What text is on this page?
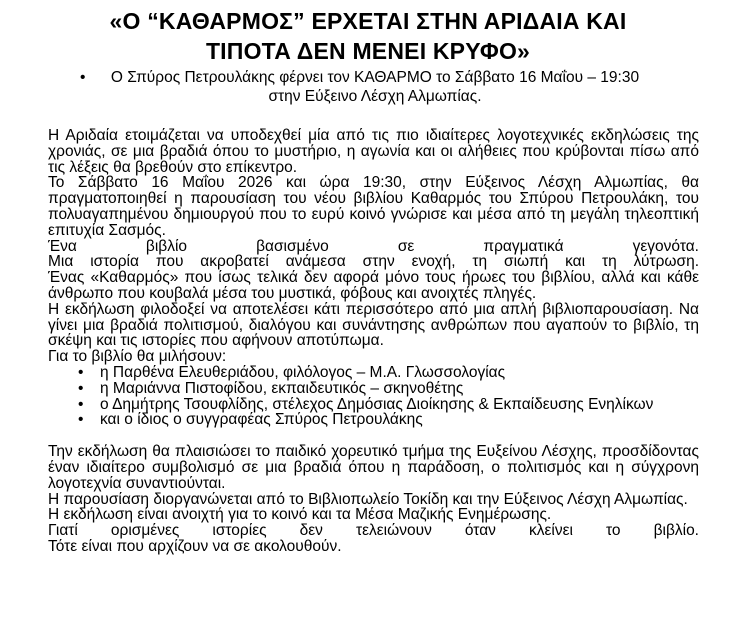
«Ο “ΚΑΘΑΡΜΟΣ” ΕΡΧΕΤΑΙ ΣΤΗΝ ΑΡΙΔΑΙΑ ΚΑΙ
ΤΙΠΟΤΑ ΔΕΝ ΜΕΝΕΙ ΚΡΥΦΟ»
•	Ο Σπύρος Πετρουλάκης φέρνει τον ΚΑΘΑΡΜΟ το Σάββατο 16 Μαΐου – 19:30
στην Εύξεινο Λέσχη Αλμωπίας.

Η Αριδαία ετοιμάζεται να υποδεχθεί μία από τις πιο ιδιαίτερες λογοτεχνικές εκδηλώσεις της χρονιάς, σε μια βραδιά όπου το μυστήριο, η αγωνία και οι αλήθειες που κρύβονται πίσω από τις λέξεις θα βρεθούν στο επίκεντρο.

Το Σάββατο 16 Μαΐου 2026 και ώρα 19:30, στην Εύξεινος Λέσχη Αλμωπίας, θα πραγματοποιηθεί η παρουσίαση του νέου βιβλίου Καθαρμός του Σπύρου Πετρουλάκη, του πολυαγαπημένου δημιουργού που το ευρύ κοινό γνώρισε και μέσα από τη μεγάλη τηλεοπτική επιτυχία Σασμός.

Ένα βιβλίο βασισμένο σε πραγματικά γεγονότα.

Μια ιστορία που ακροβατεί ανάμεσα στην ενοχή, τη σιωπή και τη λύτρωση.

Ένας «Καθαρμός» που ίσως τελικά δεν αφορά μόνο τους ήρωες του βιβλίου, αλλά και κάθε άνθρωπο που κουβαλά μέσα του μυστικά, φόβους και ανοιχτές πληγές.

Η εκδήλωση φιλοδοξεί να αποτελέσει κάτι περισσότερο από μια απλή βιβλιοπαρουσίαση. Να γίνει μια βραδιά πολιτισμού, διαλόγου και συνάντησης ανθρώπων που αγαπούν το βιβλίο, τη σκέψη και τις ιστορίες που αφήνουν αποτύπωμα.

Για το βιβλίο θα μιλήσουν:

• η Παρθένα Ελευθεριάδου, φιλόλογος – Μ.Α. Γλωσσολογίας
• η Μαριάννα Πιστοφίδου, εκπαιδευτικός – σκηνοθέτης
• ο Δημήτρης Τσουφλίδης, στέλεχος Δημόσιας Διοίκησης & Εκπαίδευσης Ενηλίκων
• και ο ίδιος ο συγγραφέας Σπύρος Πετρουλάκης

Την εκδήλωση θα πλαισιώσει το παιδικό χορευτικό τμήμα της Ευξείνου Λέσχης, προσδίδοντας έναν ιδιαίτερο συμβολισμό σε μια βραδιά όπου η παράδοση, ο πολιτισμός και η σύγχρονη λογοτεχνία συναντιούνται.

Η παρουσίαση διοργανώνεται από το Βιβλιοπωλείο Τοκίδη και την Εύξεινος Λέσχη Αλμωπίας.

Η εκδήλωση είναι ανοιχτή για το κοινό και τα Μέσα Μαζικής Ενημέρωσης.

Γιατί ορισμένες ιστορίες δεν τελειώνουν όταν κλείνει το βιβλίο.

Τότε είναι που αρχίζουν να σε ακολουθούν.
